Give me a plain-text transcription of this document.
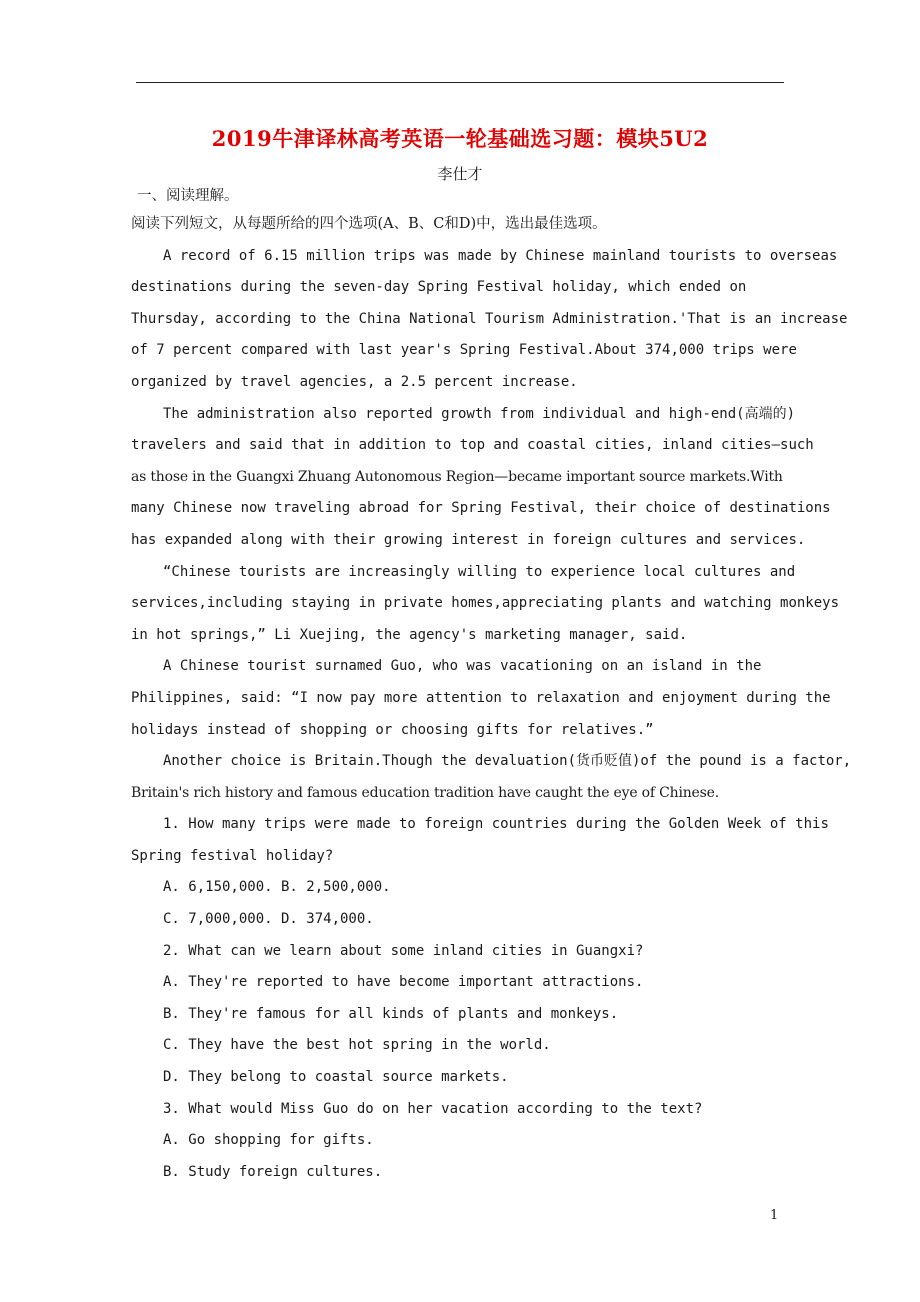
2019牛津译林高考英语一轮基础选习题：模块5U2
李仕才
一、阅读理解。
阅读下列短文，从每题所给的四个选项(A、B、C和D)中，选出最佳选项。
A record of 6.15 million trips was made by Chinese mainland tourists to overseas
destinations during the seven-day Spring Festival holiday, which ended on
Thursday, according to the China National Tourism Administration.'That is an increase
of 7 percent compared with last year's Spring Festival.About 374,000 trips were
organized by travel agencies, a 2.5 percent increase.
The administration also reported growth from individual and high-end(高端的)
travelers and said that in addition to top and coastal cities, inland cities—such
as those in the Guangxi Zhuang Autonomous Region—became important source markets.With
many Chinese now traveling abroad for Spring Festival, their choice of destinations
has expanded along with their growing interest in foreign cultures and services.
“Chinese tourists are increasingly willing to experience local cultures and
services,including staying in private homes,appreciating plants and watching monkeys
in hot springs,” Li Xuejing, the agency's marketing manager, said.
A Chinese tourist surnamed Guo, who was vacationing on an island in the
Philippines, said: “I now pay more attention to relaxation and enjoyment during the
holidays instead of shopping or choosing gifts for relatives.”
Another choice is Britain.Though the devaluation(货币贬值)of the pound is a factor,
Britain's rich history and famous education tradition have caught the eye of Chinese.
1. How many trips were made to foreign countries during the Golden Week of this
Spring festival holiday?
A. 6,150,000. B. 2,500,000.
C. 7,000,000. D. 374,000.
2. What can we learn about some inland cities in Guangxi?
A. They're reported to have become important attractions.
B. They're famous for all kinds of plants and monkeys.
C. They have the best hot spring in the world.
D. They belong to coastal source markets.
3. What would Miss Guo do on her vacation according to the text?
A. Go shopping for gifts.
B. Study foreign cultures.
1
